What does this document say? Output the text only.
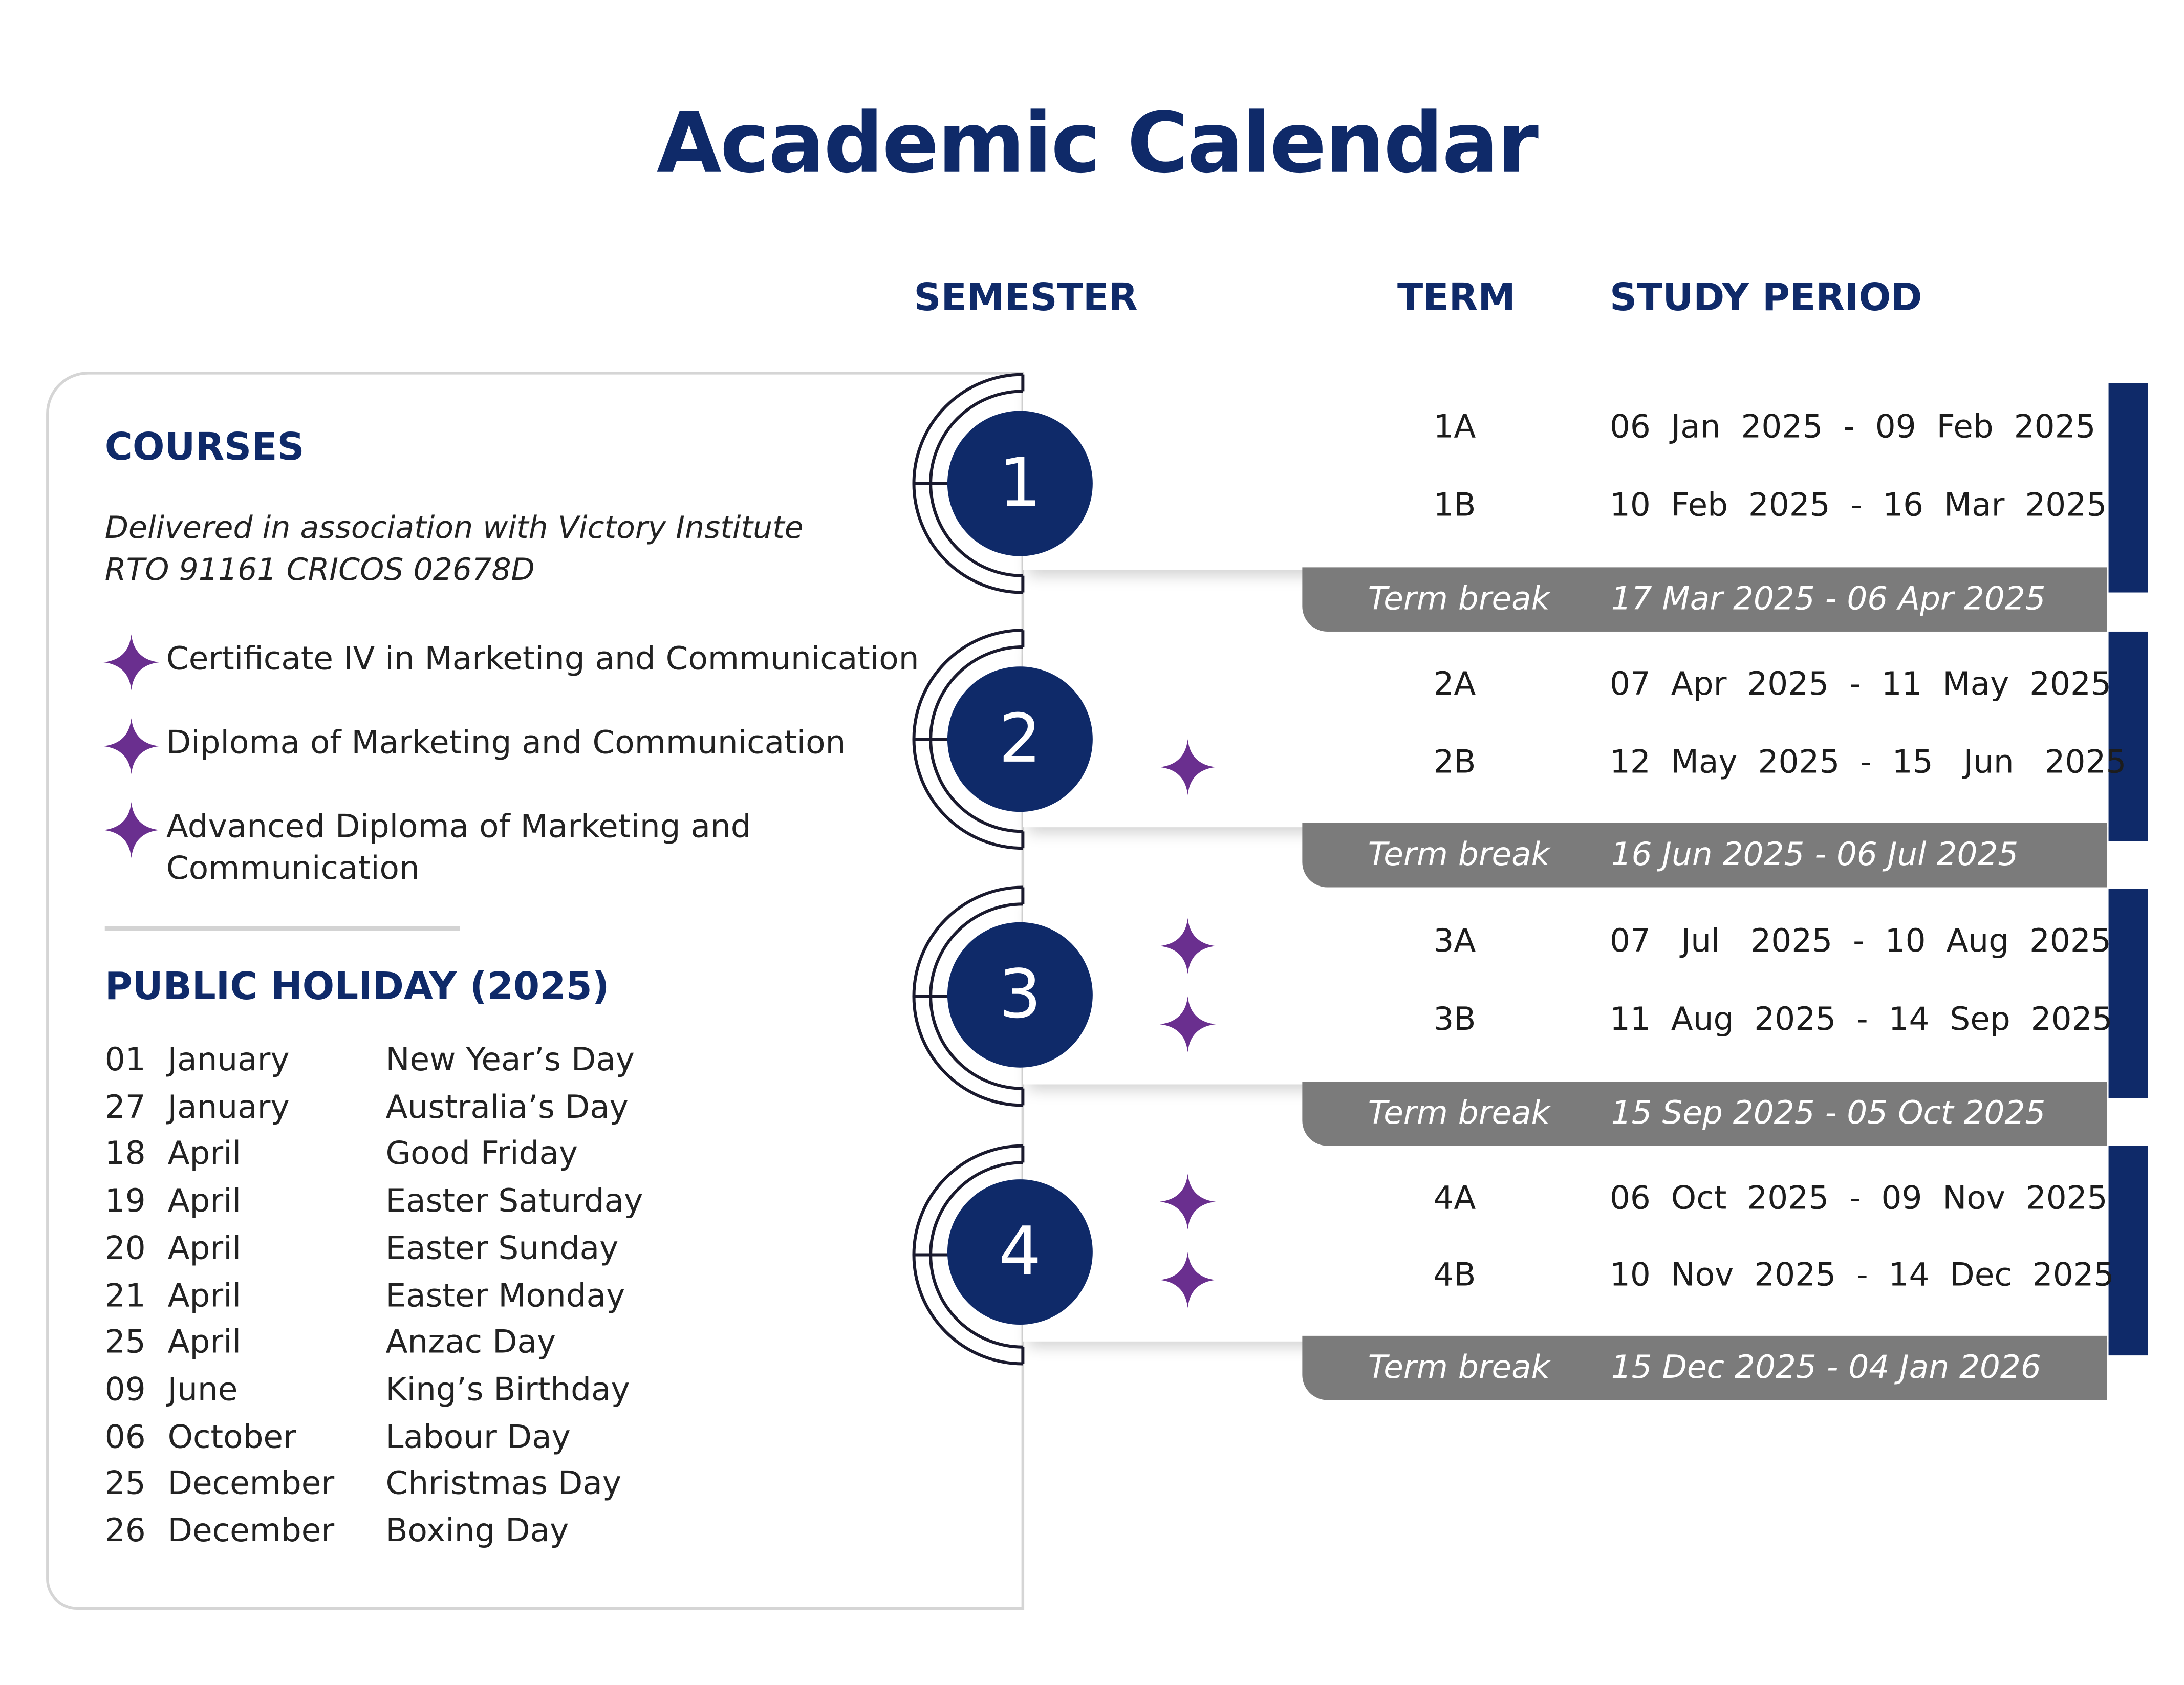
Academic Calendar
SEMESTER	TERM	STUDY PERIOD
COURSES
Delivered in association with Victory Institute
RTO 91161 CRICOS 02678D
Certificate IV in Marketing and Communication
Diploma of Marketing and Communication
Advanced Diploma of Marketing and
Communication
PUBLIC HOLIDAY (2025)
01 January	New Year’s Day
27 January	Australia’s Day
18 April	Good Friday
19 April	Easter Saturday
20 April	Easter Sunday
21 April	Easter Monday
25 April	Anzac Day
09 June	King’s Birthday
06 October	Labour Day
25 December	Christmas Day
26 December	Boxing Day
Term break	17 Mar 2025 - 06 Apr 2025
1A	06  Jan  2025  -  09  Feb  2025
1B	10  Feb  2025  -  16  Mar  2025
1
Term break	16 Jun 2025 - 06 Jul 2025
2A	07  Apr  2025  -  11  May  2025
2B	12  May  2025  -  15   Jun   2025
2
Term break	15 Sep 2025 - 05 Oct 2025
3A	07   Jul   2025  -  10  Aug  2025
3B	11  Aug  2025  -  14  Sep  2025
3
Term break	15 Dec 2025 - 04 Jan 2026
4A	06  Oct  2025  -  09  Nov  2025
4B	10  Nov  2025  -  14  Dec  2025
4
